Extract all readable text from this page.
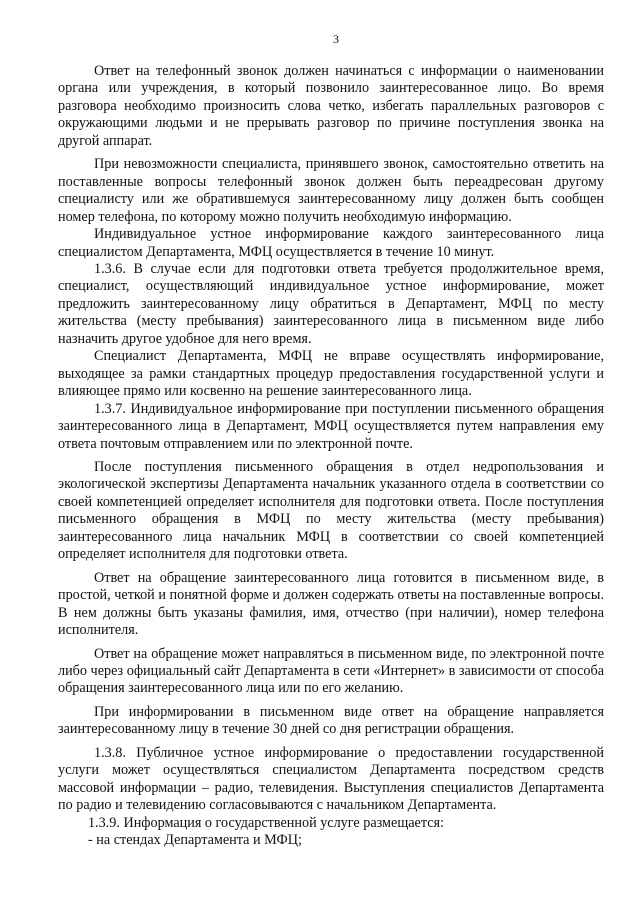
3

Ответ на телефонный звонок должен начинаться с информации о наименовании органа или учреждения, в который позвонило заинтересованное лицо. Во время разговора необходимо произносить слова четко, избегать параллельных разговоров с окружающими людьми и не прерывать разговор по причине поступления звонка на другой аппарат.

При невозможности специалиста, принявшего звонок, самостоятельно ответить на поставленные вопросы телефонный звонок должен быть переадресован другому специалисту или же обратившемуся заинтересованному лицу должен быть сообщен номер телефона, по которому можно получить необходимую информацию.

Индивидуальное устное информирование каждого заинтересованного лица специалистом Департамента, МФЦ осуществляется в течение 10 минут.

1.3.6. В случае если для подготовки ответа требуется продолжительное время, специалист, осуществляющий индивидуальное устное информирование, может предложить заинтересованному лицу обратиться в Департамент, МФЦ по месту жительства (месту пребывания) заинтересованного лица в письменном виде либо назначить другое удобное для него время.

Специалист Департамента, МФЦ не вправе осуществлять информирование, выходящее за рамки стандартных процедур предоставления государственной услуги и влияющее прямо или косвенно на решение заинтересованного лица.

1.3.7. Индивидуальное информирование при поступлении письменного обращения заинтересованного лица в Департамент, МФЦ осуществляется путем направления ему ответа почтовым отправлением или по электронной почте.

После поступления письменного обращения в отдел недропользования и экологической экспертизы Департамента начальник указанного отдела в соответствии со своей компетенцией определяет исполнителя для подготовки ответа. После поступления письменного обращения в МФЦ по месту жительства (месту пребывания) заинтересованного лица начальник МФЦ в соответствии со своей компетенцией определяет исполнителя для подготовки ответа.

Ответ на обращение заинтересованного лица готовится в письменном виде, в простой, четкой и понятной форме и должен содержать ответы на поставленные вопросы. В нем должны быть указаны фамилия, имя, отчество (при наличии), номер телефона исполнителя.

Ответ на обращение может направляться в письменном виде, по электронной почте либо через официальный сайт Департамента в сети «Интернет» в зависимости от способа обращения заинтересованного лица или по его желанию.

При информировании в письменном виде ответ на обращение направляется заинтересованному лицу в течение 30 дней со дня регистрации обращения.

1.3.8. Публичное устное информирование о предоставлении государственной услуги может осуществляться специалистом Департамента посредством средств массовой информации – радио, телевидения. Выступления специалистов Департамента по радио и телевидению согласовываются с начальником Департамента.

1.3.9. Информация о государственной услуге размещается:

- на стендах Департамента и МФЦ;
